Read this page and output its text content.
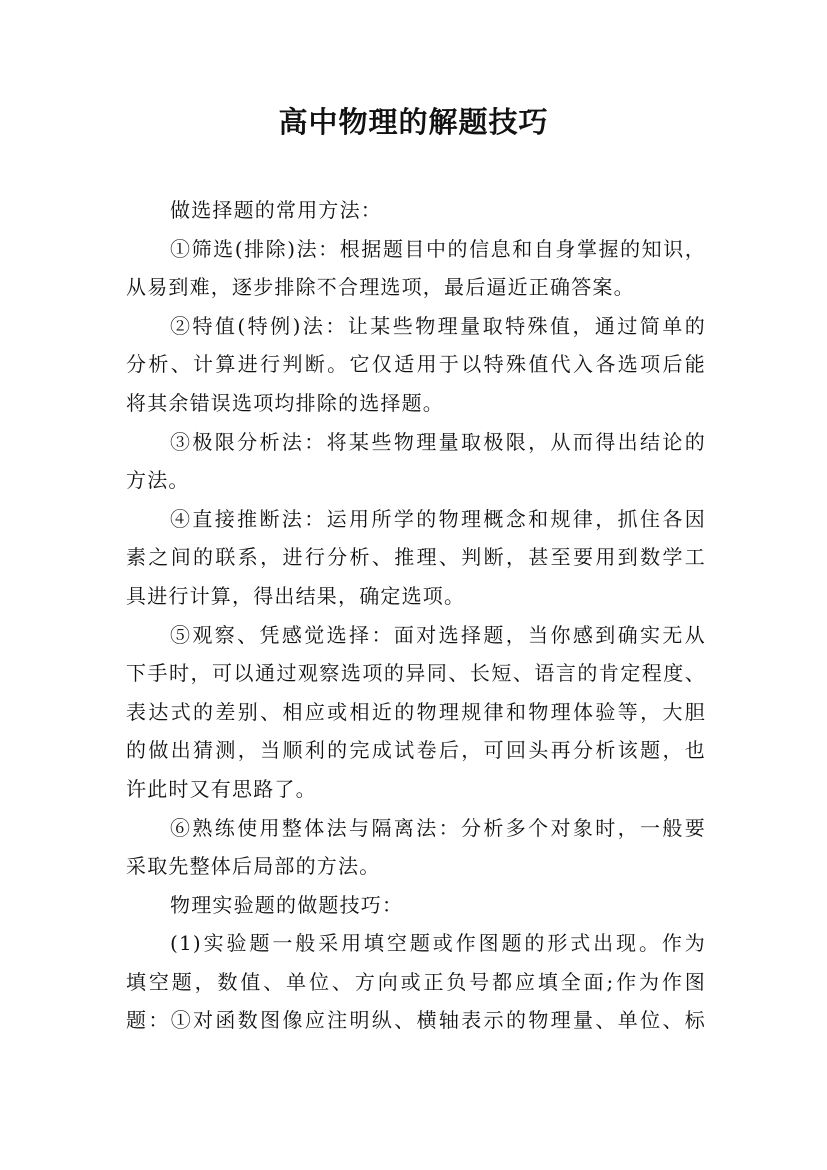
高中物理的解题技巧
做选择题的常用方法：
①筛选(排除)法：根据题目中的信息和自身掌握的知识，
从易到难，逐步排除不合理选项，最后逼近正确答案。
②特值(特例)法：让某些物理量取特殊值，通过简单的
分析、计算进行判断。它仅适用于以特殊值代入各选项后能
将其余错误选项均排除的选择题。
③极限分析法：将某些物理量取极限，从而得出结论的
方法。
④直接推断法：运用所学的物理概念和规律，抓住各因
素之间的联系，进行分析、推理、判断，甚至要用到数学工
具进行计算，得出结果，确定选项。
⑤观察、凭感觉选择：面对选择题，当你感到确实无从
下手时，可以通过观察选项的异同、长短、语言的肯定程度、
表达式的差别、相应或相近的物理规律和物理体验等，大胆
的做出猜测，当顺利的完成试卷后，可回头再分析该题，也
许此时又有思路了。
⑥熟练使用整体法与隔离法：分析多个对象时，一般要
采取先整体后局部的方法。
物理实验题的做题技巧：
(1)实验题一般采用填空题或作图题的形式出现。作为
填空题，数值、单位、方向或正负号都应填全面;作为作图
题：①对函数图像应注明纵、横轴表示的物理量、单位、标
